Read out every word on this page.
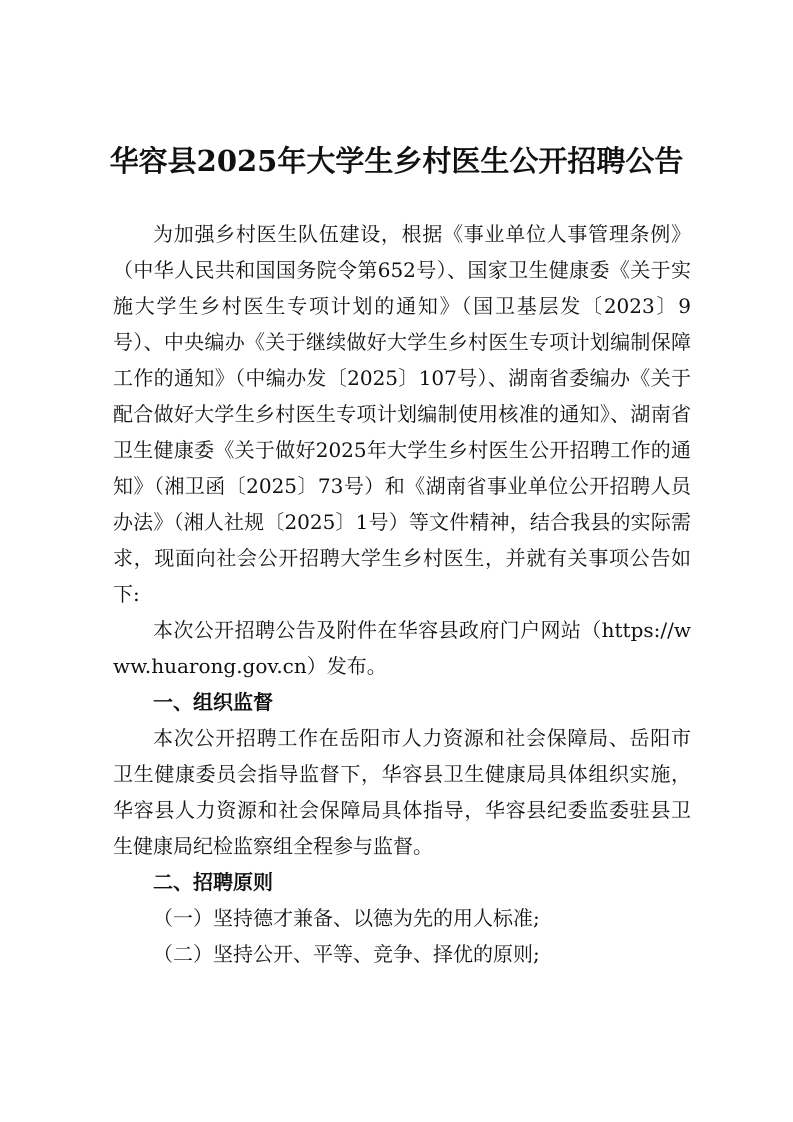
华容县2025年大学生乡村医生公开招聘公告

为加强乡村医生队伍建设，根据《事业单位人事管理条例》（中华人民共和国国务院令第652号）、国家卫生健康委《关于实施大学生乡村医生专项计划的通知》（国卫基层发〔2023〕9号）、中央编办《关于继续做好大学生乡村医生专项计划编制保障工作的通知》（中编办发〔2025〕107号）、湖南省委编办《关于配合做好大学生乡村医生专项计划编制使用核准的通知》、湖南省卫生健康委《关于做好2025年大学生乡村医生公开招聘工作的通知》（湘卫函〔2025〕73号）和《湖南省事业单位公开招聘人员办法》（湘人社规〔2025〕1号）等文件精神，结合我县的实际需求，现面向社会公开招聘大学生乡村医生，并就有关事项公告如下:

本次公开招聘公告及附件在华容县政府门户网站（https://www.huarong.gov.cn）发布。

一、组织监督

本次公开招聘工作在岳阳市人力资源和社会保障局、岳阳市卫生健康委员会指导监督下，华容县卫生健康局具体组织实施，华容县人力资源和社会保障局具体指导，华容县纪委监委驻县卫生健康局纪检监察组全程参与监督。

二、招聘原则

（一）坚持德才兼备、以德为先的用人标准;

（二）坚持公开、平等、竞争、择优的原则;
